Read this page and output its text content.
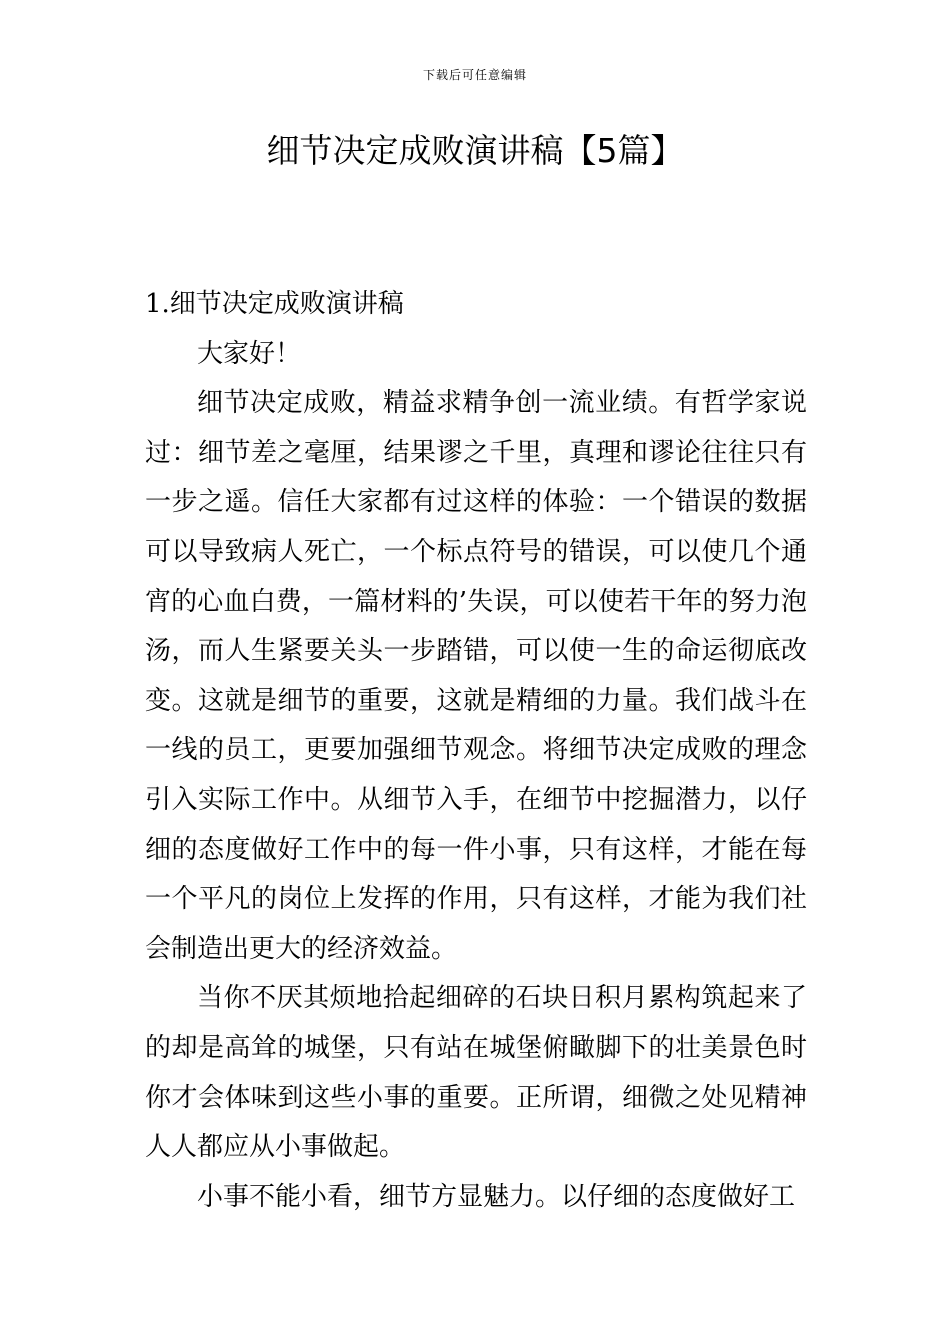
下载后可任意编辑
细节决定成败演讲稿【5篇】

1.细节决定成败演讲稿

大家好！

细节决定成败，精益求精争创一流业绩。有哲学家说过：细节差之毫厘，结果谬之千里，真理和谬论往往只有一步之遥。信任大家都有过这样的体验：一个错误的数据可以导致病人死亡，一个标点符号的错误，可以使几个通宵的心血白费，一篇材料的’失误，可以使若干年的努力泡汤，而人生紧要关头一步踏错，可以使一生的命运彻底改变。这就是细节的重要，这就是精细的力量。我们战斗在一线的员工，更要加强细节观念。将细节决定成败的理念引入实际工作中。从细节入手，在细节中挖掘潜力，以仔细的态度做好工作中的每一件小事，只有这样，才能在每一个平凡的岗位上发挥的作用，只有这样，才能为我们社会制造出更大的经济效益。

当你不厌其烦地拾起细碎的石块日积月累构筑起来了的却是高耸的城堡，只有站在城堡俯瞰脚下的壮美景色时你才会体味到这些小事的重要。正所谓，细微之处见精神人人都应从小事做起。

小事不能小看，细节方显魅力。以仔细的态度做好工
